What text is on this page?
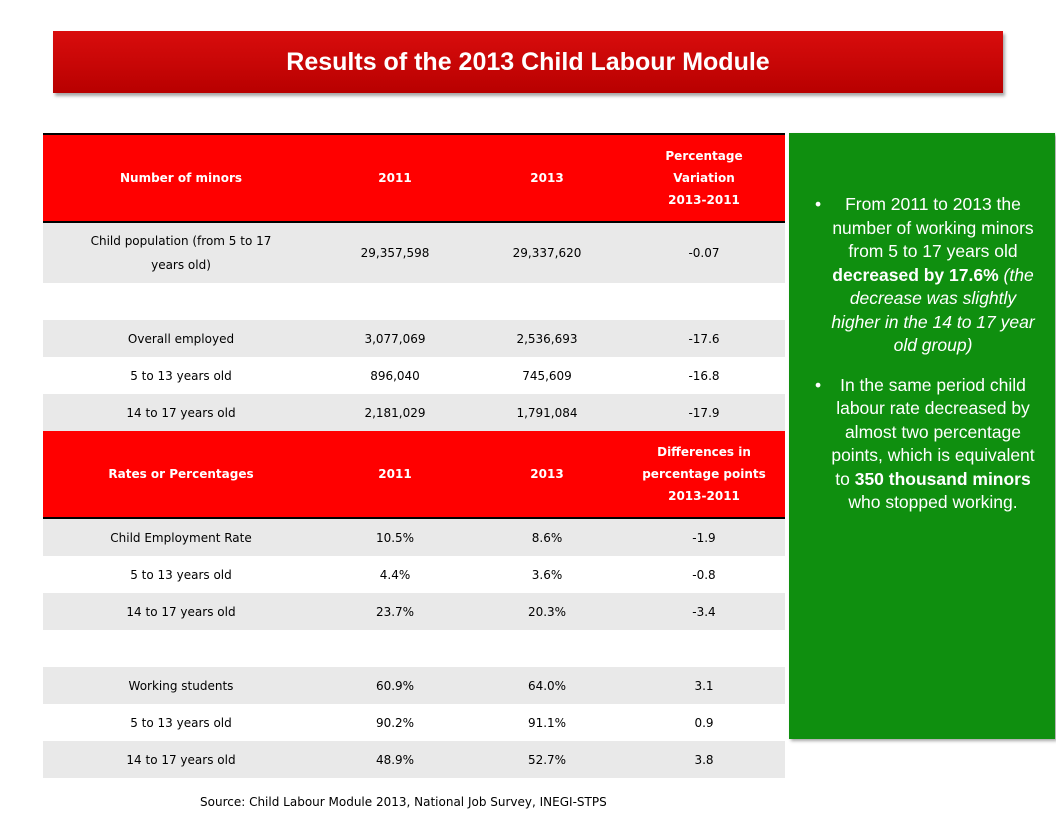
Results of the 2013 Child Labour Module
Number of minors	2011	2013	Percentage
Variation
2013-2011
Child population (from 5 to 17
years old)	29,357,598	29,337,620	-0.07

Overall employed	3,077,069	2,536,693	-17.6
5 to 13 years old	896,040	745,609	-16.8
14 to 17 years old	2,181,029	1,791,084	-17.9
Rates or Percentages	2011	2013	Differences in
percentage points
2013-2011
Child Employment Rate	10.5%	8.6%	-1.9
5 to 13 years old	4.4%	3.6%	-0.8
14 to 17 years old	23.7%	20.3%	-3.4

Working students	60.9%	64.0%	3.1
5 to 13 years old	90.2%	91.1%	0.9
14 to 17 years old	48.9%	52.7%	3.8
• From 2011 to 2013 the number of working minors from 5 to 17 years old decreased by 17.6% (the decrease was slightly higher in the 14 to 17 year old group)
• In the same period child labour rate decreased by almost two percentage points, which is equivalent to 350 thousand minors who stopped working.
Source: Child Labour Module 2013, National Job Survey, INEGI-STPS
